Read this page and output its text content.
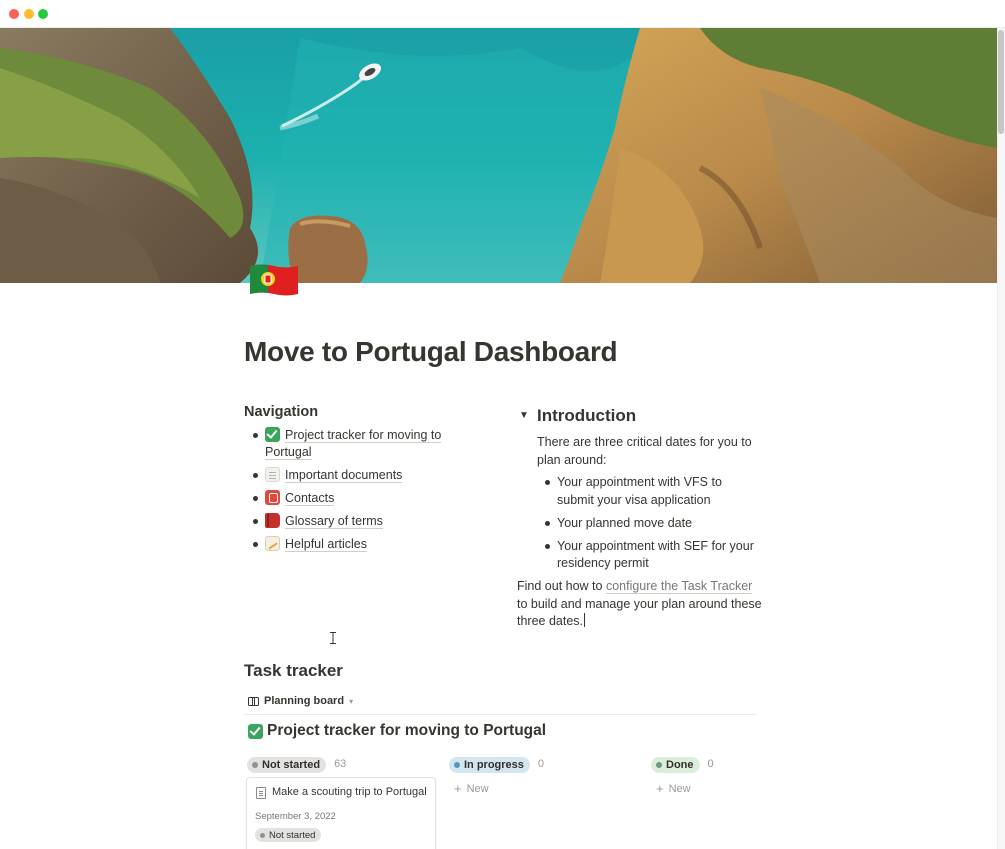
Move to Portugal Dashboard
Navigation
Project tracker for moving to Portugal
Important documents
Contacts
Glossary of terms
Helpful articles
▼ Introduction

There are three critical dates for you to plan around:

Your appointment with VFS to submit your visa application
Your planned move date
Your appointment with SEF for your residency permit

Find out how to configure the Task Tracker to build and manage your plan around these three dates.

Task tracker
Planning board ▾
Project tracker for moving to Portugal
Not started 63	In progress 0	Done 0
+ New	+ New
Make a scouting trip to Portugal
September 3, 2022
Not started
